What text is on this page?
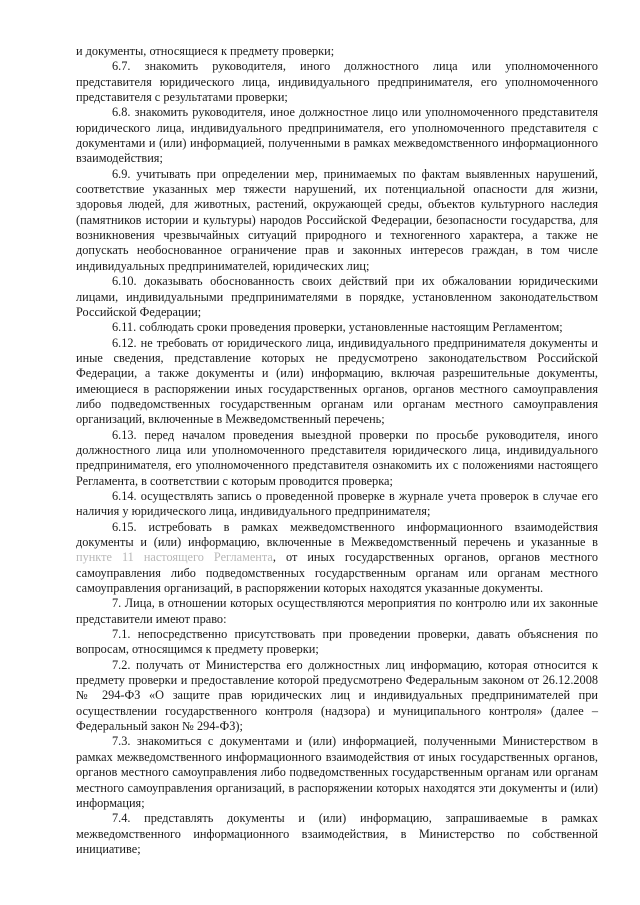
и документы, относящиеся к предмету проверки;

6.7. знакомить руководителя, иного должностного лица или уполномоченного представителя юридического лица, индивидуального предпринимателя, его уполномоченного представителя с результатами проверки;

6.8. знакомить руководителя, иное должностное лицо или уполномоченного представителя юридического лица, индивидуального предпринимателя, его уполномоченного представителя с документами и (или) информацией, полученными в рамках межведомственного информационного взаимодействия;

6.9. учитывать при определении мер, принимаемых по фактам выявленных нарушений, соответствие указанных мер тяжести нарушений, их потенциальной опасности для жизни, здоровья людей, для животных, растений, окружающей среды, объектов культурного наследия (памятников истории и культуры) народов Российской Федерации, безопасности государства, для возникновения чрезвычайных ситуаций природного и техногенного характера, а также не допускать необоснованное ограничение прав и законных интересов граждан, в том числе индивидуальных предпринимателей, юридических лиц;

6.10. доказывать обоснованность своих действий при их обжаловании юридическими лицами, индивидуальными предпринимателями в порядке, установленном законодательством Российской Федерации;

6.11. соблюдать сроки проведения проверки, установленные настоящим Регламентом;

6.12. не требовать от юридического лица, индивидуального предпринимателя документы и иные сведения, представление которых не предусмотрено законодательством Российской Федерации, а также документы и (или) информацию, включая разрешительные документы, имеющиеся в распоряжении иных государственных органов, органов местного самоуправления либо подведомственных государственным органам или органам местного самоуправления организаций, включенные в Межведомственный перечень;

6.13. перед началом проведения выездной проверки по просьбе руководителя, иного должностного лица или уполномоченного представителя юридического лица, индивидуального предпринимателя, его уполномоченного представителя ознакомить их с положениями настоящего Регламента, в соответствии с которым проводится проверка;

6.14. осуществлять запись о проведенной проверке в журнале учета проверок в случае его наличия у юридического лица, индивидуального предпринимателя;

6.15. истребовать в рамках межведомственного информационного взаимодействия документы и (или) информацию, включенные в Межведомственный перечень и указанные в пункте 11 настоящего Регламента, от иных государственных органов, органов местного самоуправления либо подведомственных государственным органам или органам местного самоуправления организаций, в распоряжении которых находятся указанные документы.

7. Лица, в отношении которых осуществляются мероприятия по контролю или их законные представители имеют право:

7.1. непосредственно присутствовать при проведении проверки, давать объяснения по вопросам, относящимся к предмету проверки;

7.2. получать от Министерства его должностных лиц информацию, которая относится к предмету проверки и предоставление которой предусмотрено Федеральным законом от 26.12.2008 № 294-ФЗ «О защите прав юридических лиц и индивидуальных предпринимателей при осуществлении государственного контроля (надзора) и муниципального контроля» (далее – Федеральный закон № 294-ФЗ);

7.3. знакомиться с документами и (или) информацией, полученными Министерством в рамках межведомственного информационного взаимодействия от иных государственных органов, органов местного самоуправления либо подведомственных государственным органам или органам местного самоуправления организаций, в распоряжении которых находятся эти документы и (или) информация;

7.4. представлять документы и (или) информацию, запрашиваемые в рамках межведомственного информационного взаимодействия, в Министерство по собственной инициативе;
